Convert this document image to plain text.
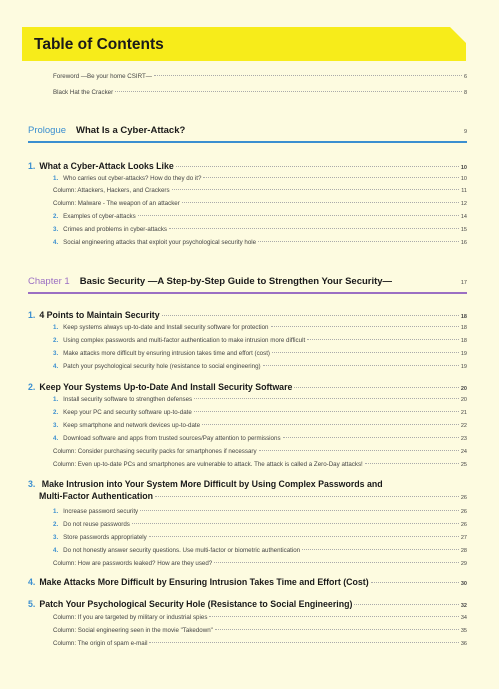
Table of Contents
Foreword —Be your home CSIRT—	6
Black Hat the Cracker	8
Prologue What Is a Cyber-Attack?	9
1. What a Cyber-Attack Looks Like	10
1. Who carries out cyber-attacks? How do they do it?	10
Column: Attackers, Hackers, and Crackers	11
Column: Malware - The weapon of an attacker	12
2. Examples of cyber-attacks	14
3. Crimes and problems in cyber-attacks	15
4. Social engineering attacks that exploit your psychological security hole	16
Chapter 1 Basic Security —A Step-by-Step Guide to Strengthen Your Security—	17
1. 4 Points to Maintain Security	18
1. Keep systems always up-to-date and Install security software for protection	18
2. Using complex passwords and multi-factor authentication to make intrusion more difficult	18
3. Make attacks more difficult by ensuring intrusion takes time and effort (cost)	19
4. Patch your psychological security hole (resistance to social engineering)	19
2. Keep Your Systems Up-to-Date And Install Security Software	20
1. Install security software to strengthen defenses	20
2. Keep your PC and security software up-to-date	21
3. Keep smartphone and network devices up-to-date	22
4. Download software and apps from trusted sources/Pay attention to permissions	23
Column: Consider purchasing security packs for smartphones if necessary	24
Column: Even up-to-date PCs and smartphones are vulnerable to attack. The attack is called a Zero-Day attacks!	25
3. Make Intrusion into Your System More Difficult by Using Complex Passwords and
Multi-Factor Authentication	26
1. Increase password security	26
2. Do not reuse passwords	26
3. Store passwords appropriately	27
4. Do not honestly answer security questions. Use multi-factor or biometric authentication	28
Column: How are passwords leaked? How are they used?	29
4. Make Attacks More Difficult by Ensuring Intrusion Takes Time and Effort (Cost)	30
5. Patch Your Psychological Security Hole (Resistance to Social Engineering)	32
Column: If you are targeted by military or industrial spies	34
Column: Social engineering seen in the movie "Takedown"	35
Column: The origin of spam e-mail	36
